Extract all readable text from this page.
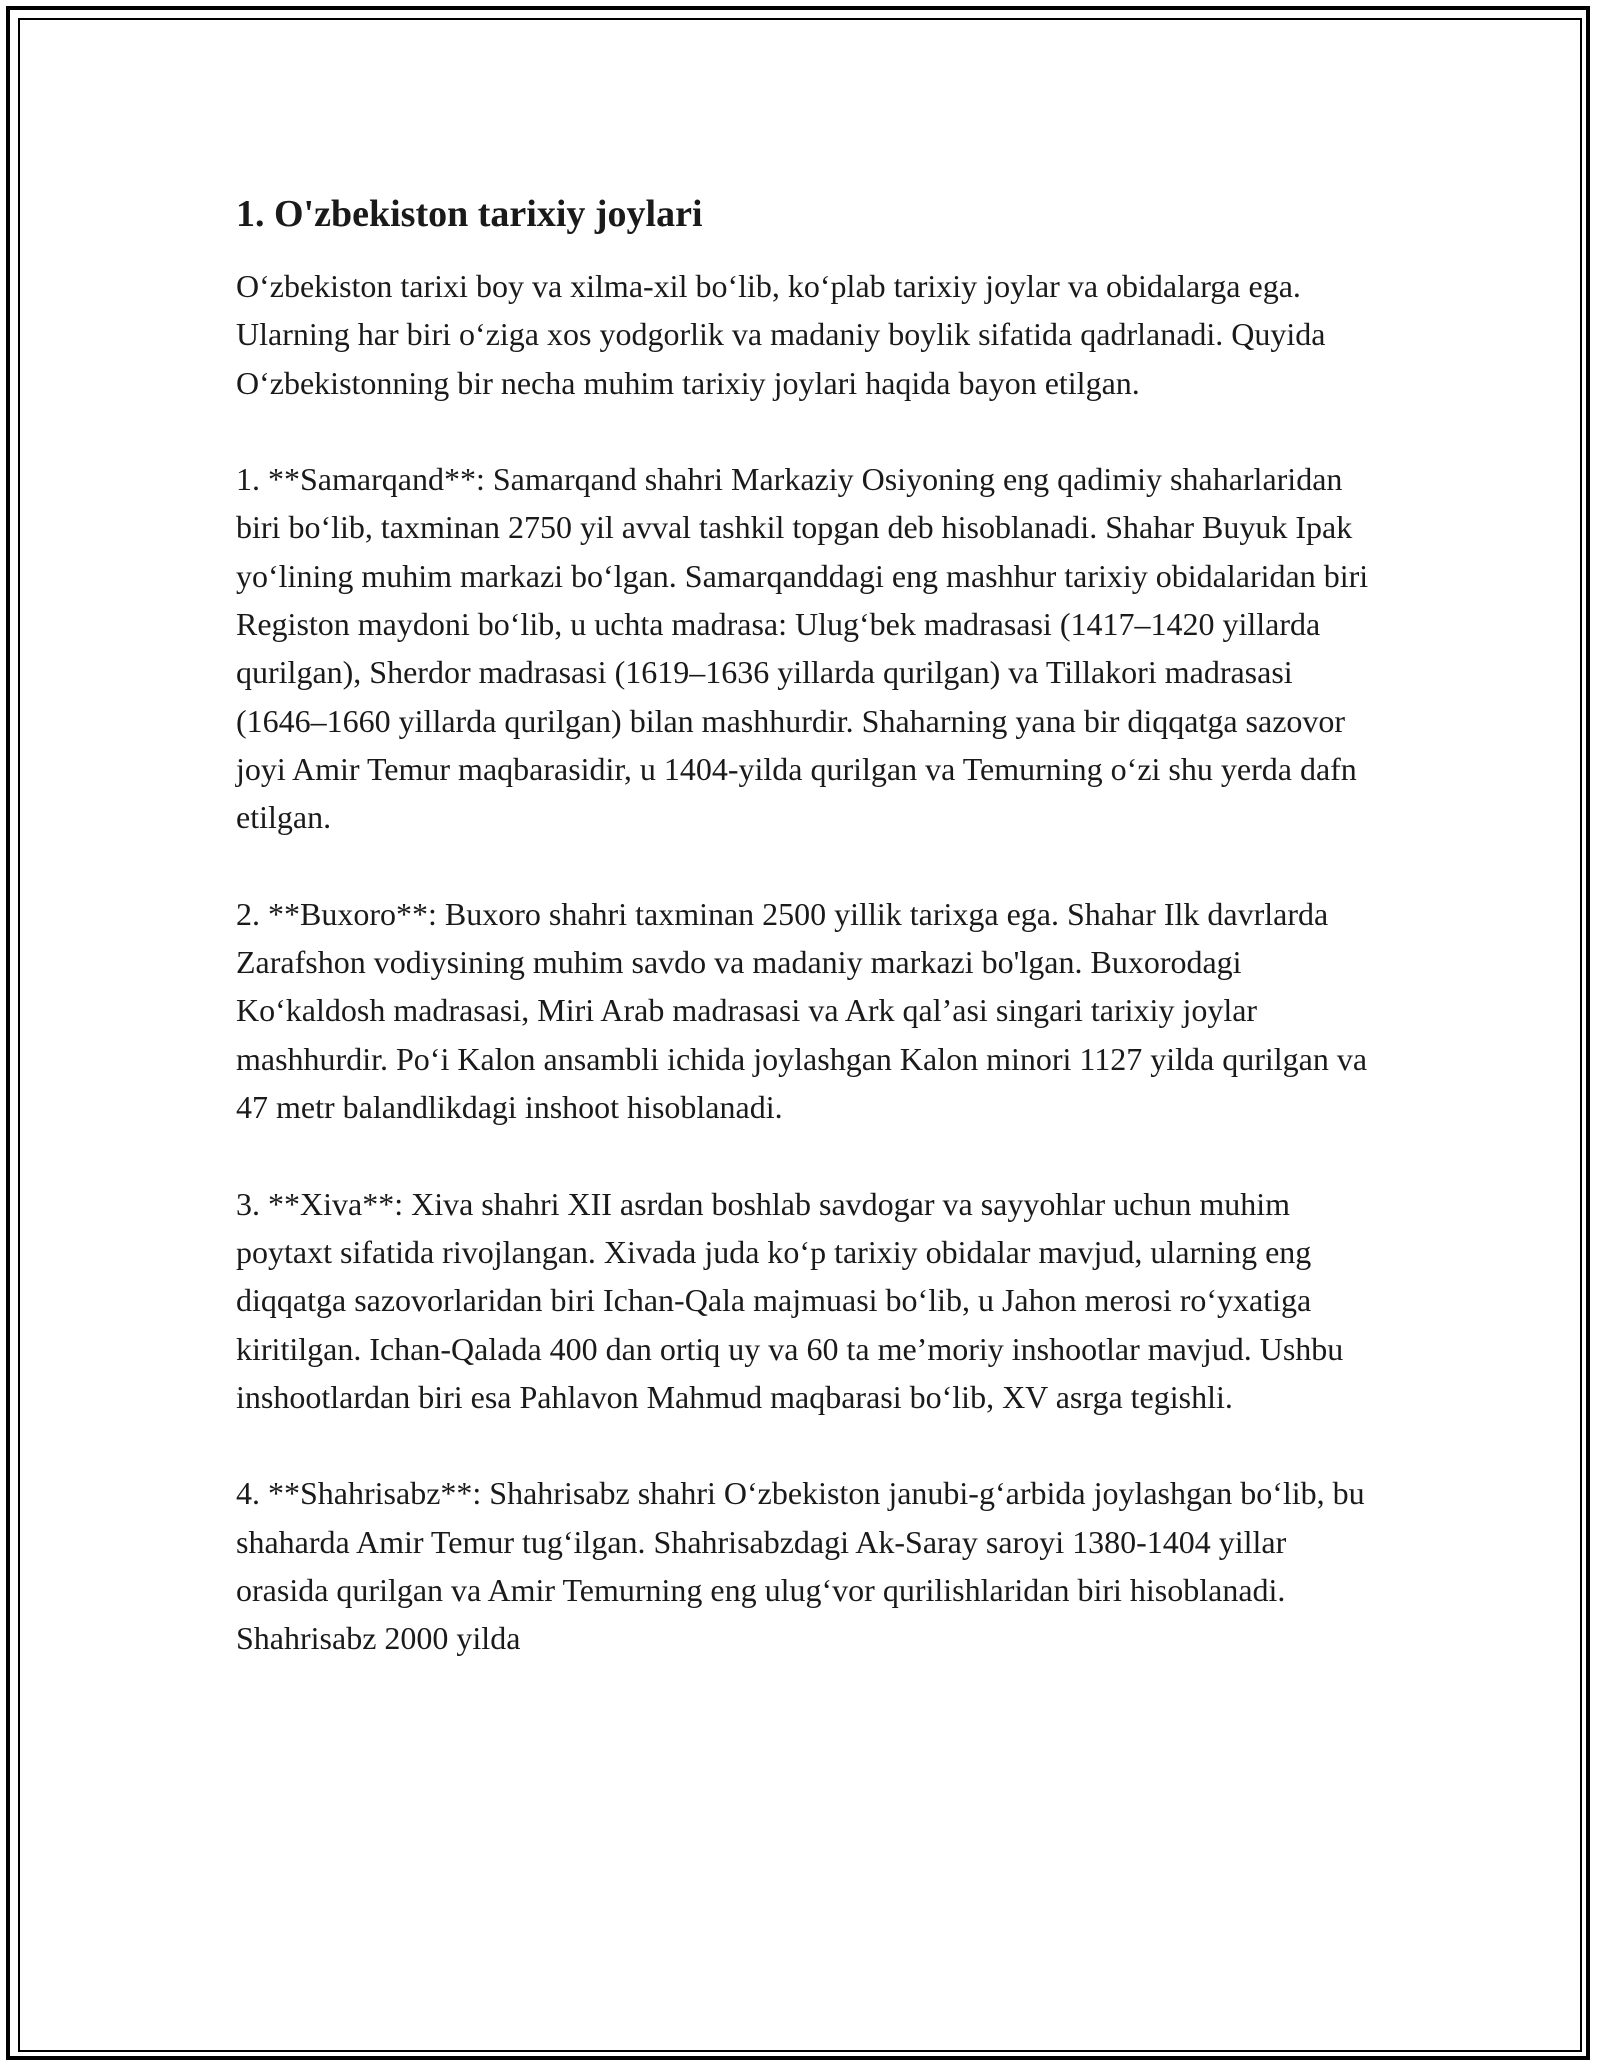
1. O'zbekiston tarixiy joylari

O‘zbekiston tarixi boy va xilma-xil bo‘lib, ko‘plab tarixiy joylar va obidalarga ega. Ularning har biri o‘ziga xos yodgorlik va madaniy boylik sifatida qadrlanadi. Quyida O‘zbekistonning bir necha muhim tarixiy joylari haqida bayon etilgan.

1. **Samarqand**: Samarqand shahri Markaziy Osiyoning eng qadimiy shaharlaridan biri bo‘lib, taxminan 2750 yil avval tashkil topgan deb hisoblanadi. Shahar Buyuk Ipak yo‘lining muhim markazi bo‘lgan. Samarqanddagi eng mashhur tarixiy obidalaridan biri Registon maydoni bo‘lib, u uchta madrasa: Ulug‘bek madrasasi (1417–1420 yillarda qurilgan), Sherdor madrasasi (1619–1636 yillarda qurilgan) va Tillakori madrasasi (1646–1660 yillarda qurilgan) bilan mashhurdir. Shaharning yana bir diqqatga sazovor joyi Amir Temur maqbarasidir, u 1404-yilda qurilgan va Temurning o‘zi shu yerda dafn etilgan.

2. **Buxoro**: Buxoro shahri taxminan 2500 yillik tarixga ega. Shahar Ilk davrlarda Zarafshon vodiysining muhim savdo va madaniy markazi bo'lgan. Buxorodagi Ko‘kaldosh madrasasi, Miri Arab madrasasi va Ark qal’asi singari tarixiy joylar mashhurdir. Po‘i Kalon ansambli ichida joylashgan Kalon minori 1127 yilda qurilgan va 47 metr balandlikdagi inshoot hisoblanadi.

3. **Xiva**: Xiva shahri XII asrdan boshlab savdogar va sayyohlar uchun muhim poytaxt sifatida rivojlangan. Xivada juda ko‘p tarixiy obidalar mavjud, ularning eng diqqatga sazovorlaridan biri Ichan-Qala majmuasi bo‘lib, u Jahon merosi ro‘yxatiga kiritilgan. Ichan-Qalada 400 dan ortiq uy va 60 ta me’moriy inshootlar mavjud. Ushbu inshootlardan biri esa Pahlavon Mahmud maqbarasi bo‘lib, XV asrga tegishli.

4. **Shahrisabz**: Shahrisabz shahri O‘zbekiston janubi-g‘arbida joylashgan bo‘lib, bu shaharda Amir Temur tug‘ilgan. Shahrisabzdagi Ak-Saray saroyi 1380-1404 yillar orasida qurilgan va Amir Temurning eng ulug‘vor qurilishlaridan biri hisoblanadi. Shahrisabz 2000 yilda
